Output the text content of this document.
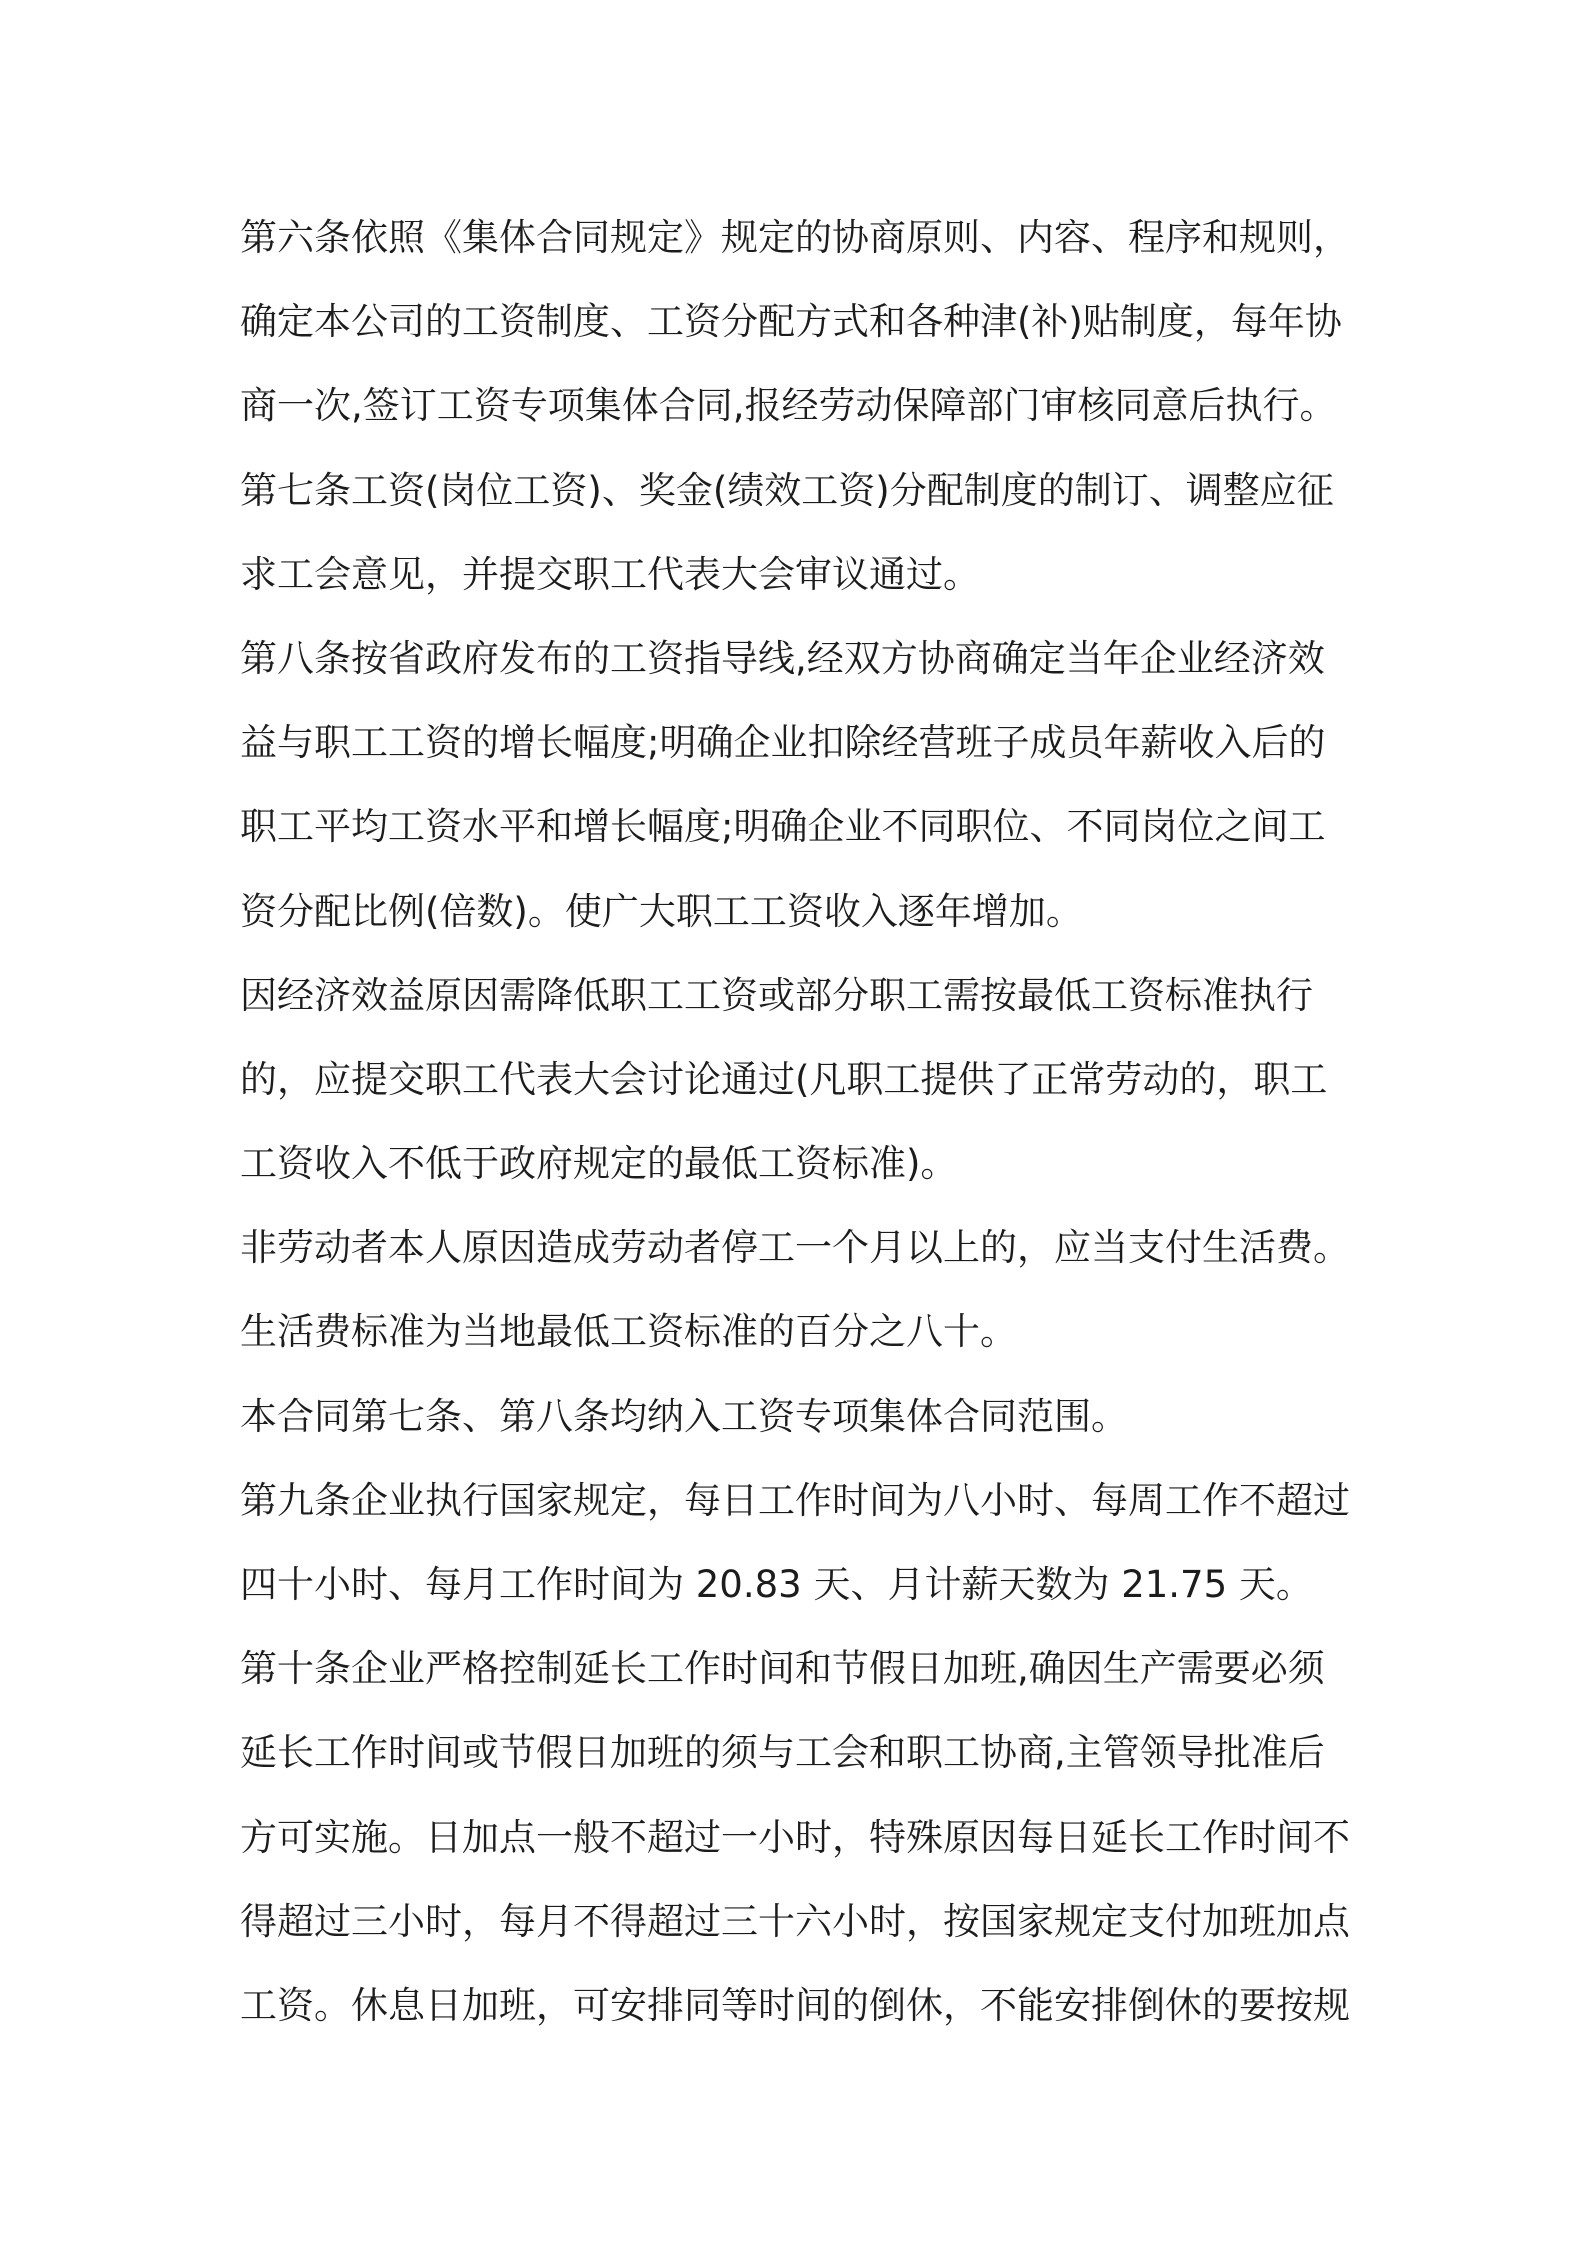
第六条依照《集体合同规定》规定的协商原则、内容、程序和规则，
确定本公司的工资制度、工资分配方式和各种津(补)贴制度，每年协
商一次,签订工资专项集体合同,报经劳动保障部门审核同意后执行。
第七条工资(岗位工资)、奖金(绩效工资)分配制度的制订、调整应征
求工会意见，并提交职工代表大会审议通过。
第八条按省政府发布的工资指导线,经双方协商确定当年企业经济效
益与职工工资的增长幅度;明确企业扣除经营班子成员年薪收入后的
职工平均工资水平和增长幅度;明确企业不同职位、不同岗位之间工
资分配比例(倍数)。使广大职工工资收入逐年增加。
因经济效益原因需降低职工工资或部分职工需按最低工资标准执行
的，应提交职工代表大会讨论通过(凡职工提供了正常劳动的，职工
工资收入不低于政府规定的最低工资标准)。
非劳动者本人原因造成劳动者停工一个月以上的，应当支付生活费。
生活费标准为当地最低工资标准的百分之八十。
本合同第七条、第八条均纳入工资专项集体合同范围。
第九条企业执行国家规定，每日工作时间为八小时、每周工作不超过
四十小时、每月工作时间为 20.83 天、月计薪天数为 21.75 天。
第十条企业严格控制延长工作时间和节假日加班,确因生产需要必须
延长工作时间或节假日加班的须与工会和职工协商,主管领导批准后
方可实施。日加点一般不超过一小时，特殊原因每日延长工作时间不
得超过三小时，每月不得超过三十六小时，按国家规定支付加班加点
工资。休息日加班，可安排同等时间的倒休，不能安排倒休的要按规
